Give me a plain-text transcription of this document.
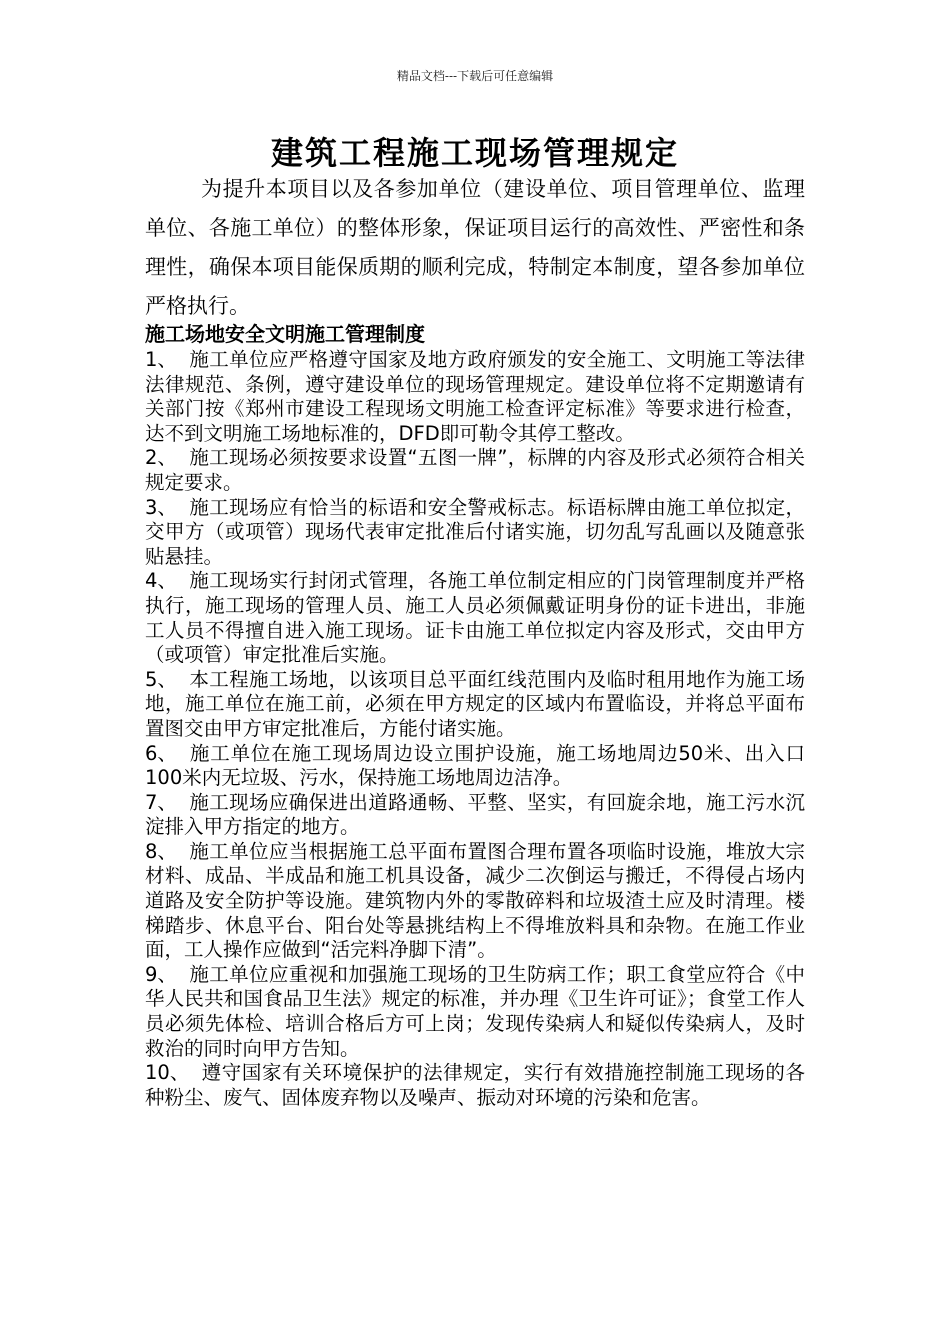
精品文档---下载后可任意编辑
建筑工程施工现场管理规定
为提升本项目以及各参加单位（建设单位、项目管理单位、监理单位、各施工单位）的整体形象，保证项目运行的高效性、严密性和条理性，确保本项目能保质期的顺利完成，特制定本制度，望各参加单位严格执行。
施工场地安全文明施工管理制度

1、 施工单位应严格遵守国家及地方政府颁发的安全施工、文明施工等法律法律规范、条例，遵守建设单位的现场管理规定。建设单位将不定期邀请有关部门按《郑州市建设工程现场文明施工检查评定标准》等要求进行检查，达不到文明施工场地标准的，DFD即可勒令其停工整改。

2、 施工现场必须按要求设置“五图一牌”，标牌的内容及形式必须符合相关规定要求。

3、 施工现场应有恰当的标语和安全警戒标志。标语标牌由施工单位拟定，交甲方（或项管）现场代表审定批准后付诸实施，切勿乱写乱画以及随意张贴悬挂。

4、 施工现场实行封闭式管理，各施工单位制定相应的门岗管理制度并严格执行，施工现场的管理人员、施工人员必须佩戴证明身份的证卡进出，非施工人员不得擅自进入施工现场。证卡由施工单位拟定内容及形式，交由甲方（或项管）审定批准后实施。

5、 本工程施工场地，以该项目总平面红线范围内及临时租用地作为施工场地，施工单位在施工前，必须在甲方规定的区域内布置临设，并将总平面布置图交由甲方审定批准后，方能付诸实施。

6、 施工单位在施工现场周边设立围护设施，施工场地周边50米、出入口100米内无垃圾、污水，保持施工场地周边洁净。

7、 施工现场应确保进出道路通畅、平整、坚实，有回旋余地，施工污水沉淀排入甲方指定的地方。

8、 施工单位应当根据施工总平面布置图合理布置各项临时设施，堆放大宗材料、成品、半成品和施工机具设备，减少二次倒运与搬迁，不得侵占场内道路及安全防护等设施。建筑物内外的零散碎料和垃圾渣土应及时清理。楼梯踏步、休息平台、阳台处等悬挑结构上不得堆放料具和杂物。在施工作业面，工人操作应做到“活完料净脚下清”。

9、 施工单位应重视和加强施工现场的卫生防病工作；职工食堂应符合《中华人民共和国食品卫生法》规定的标准，并办理《卫生许可证》；食堂工作人员必须先体检、培训合格后方可上岗；发现传染病人和疑似传染病人，及时救治的同时向甲方告知。

10、 遵守国家有关环境保护的法律规定，实行有效措施控制施工现场的各种粉尘、废气、固体废弃物以及噪声、振动对环境的污染和危害。
